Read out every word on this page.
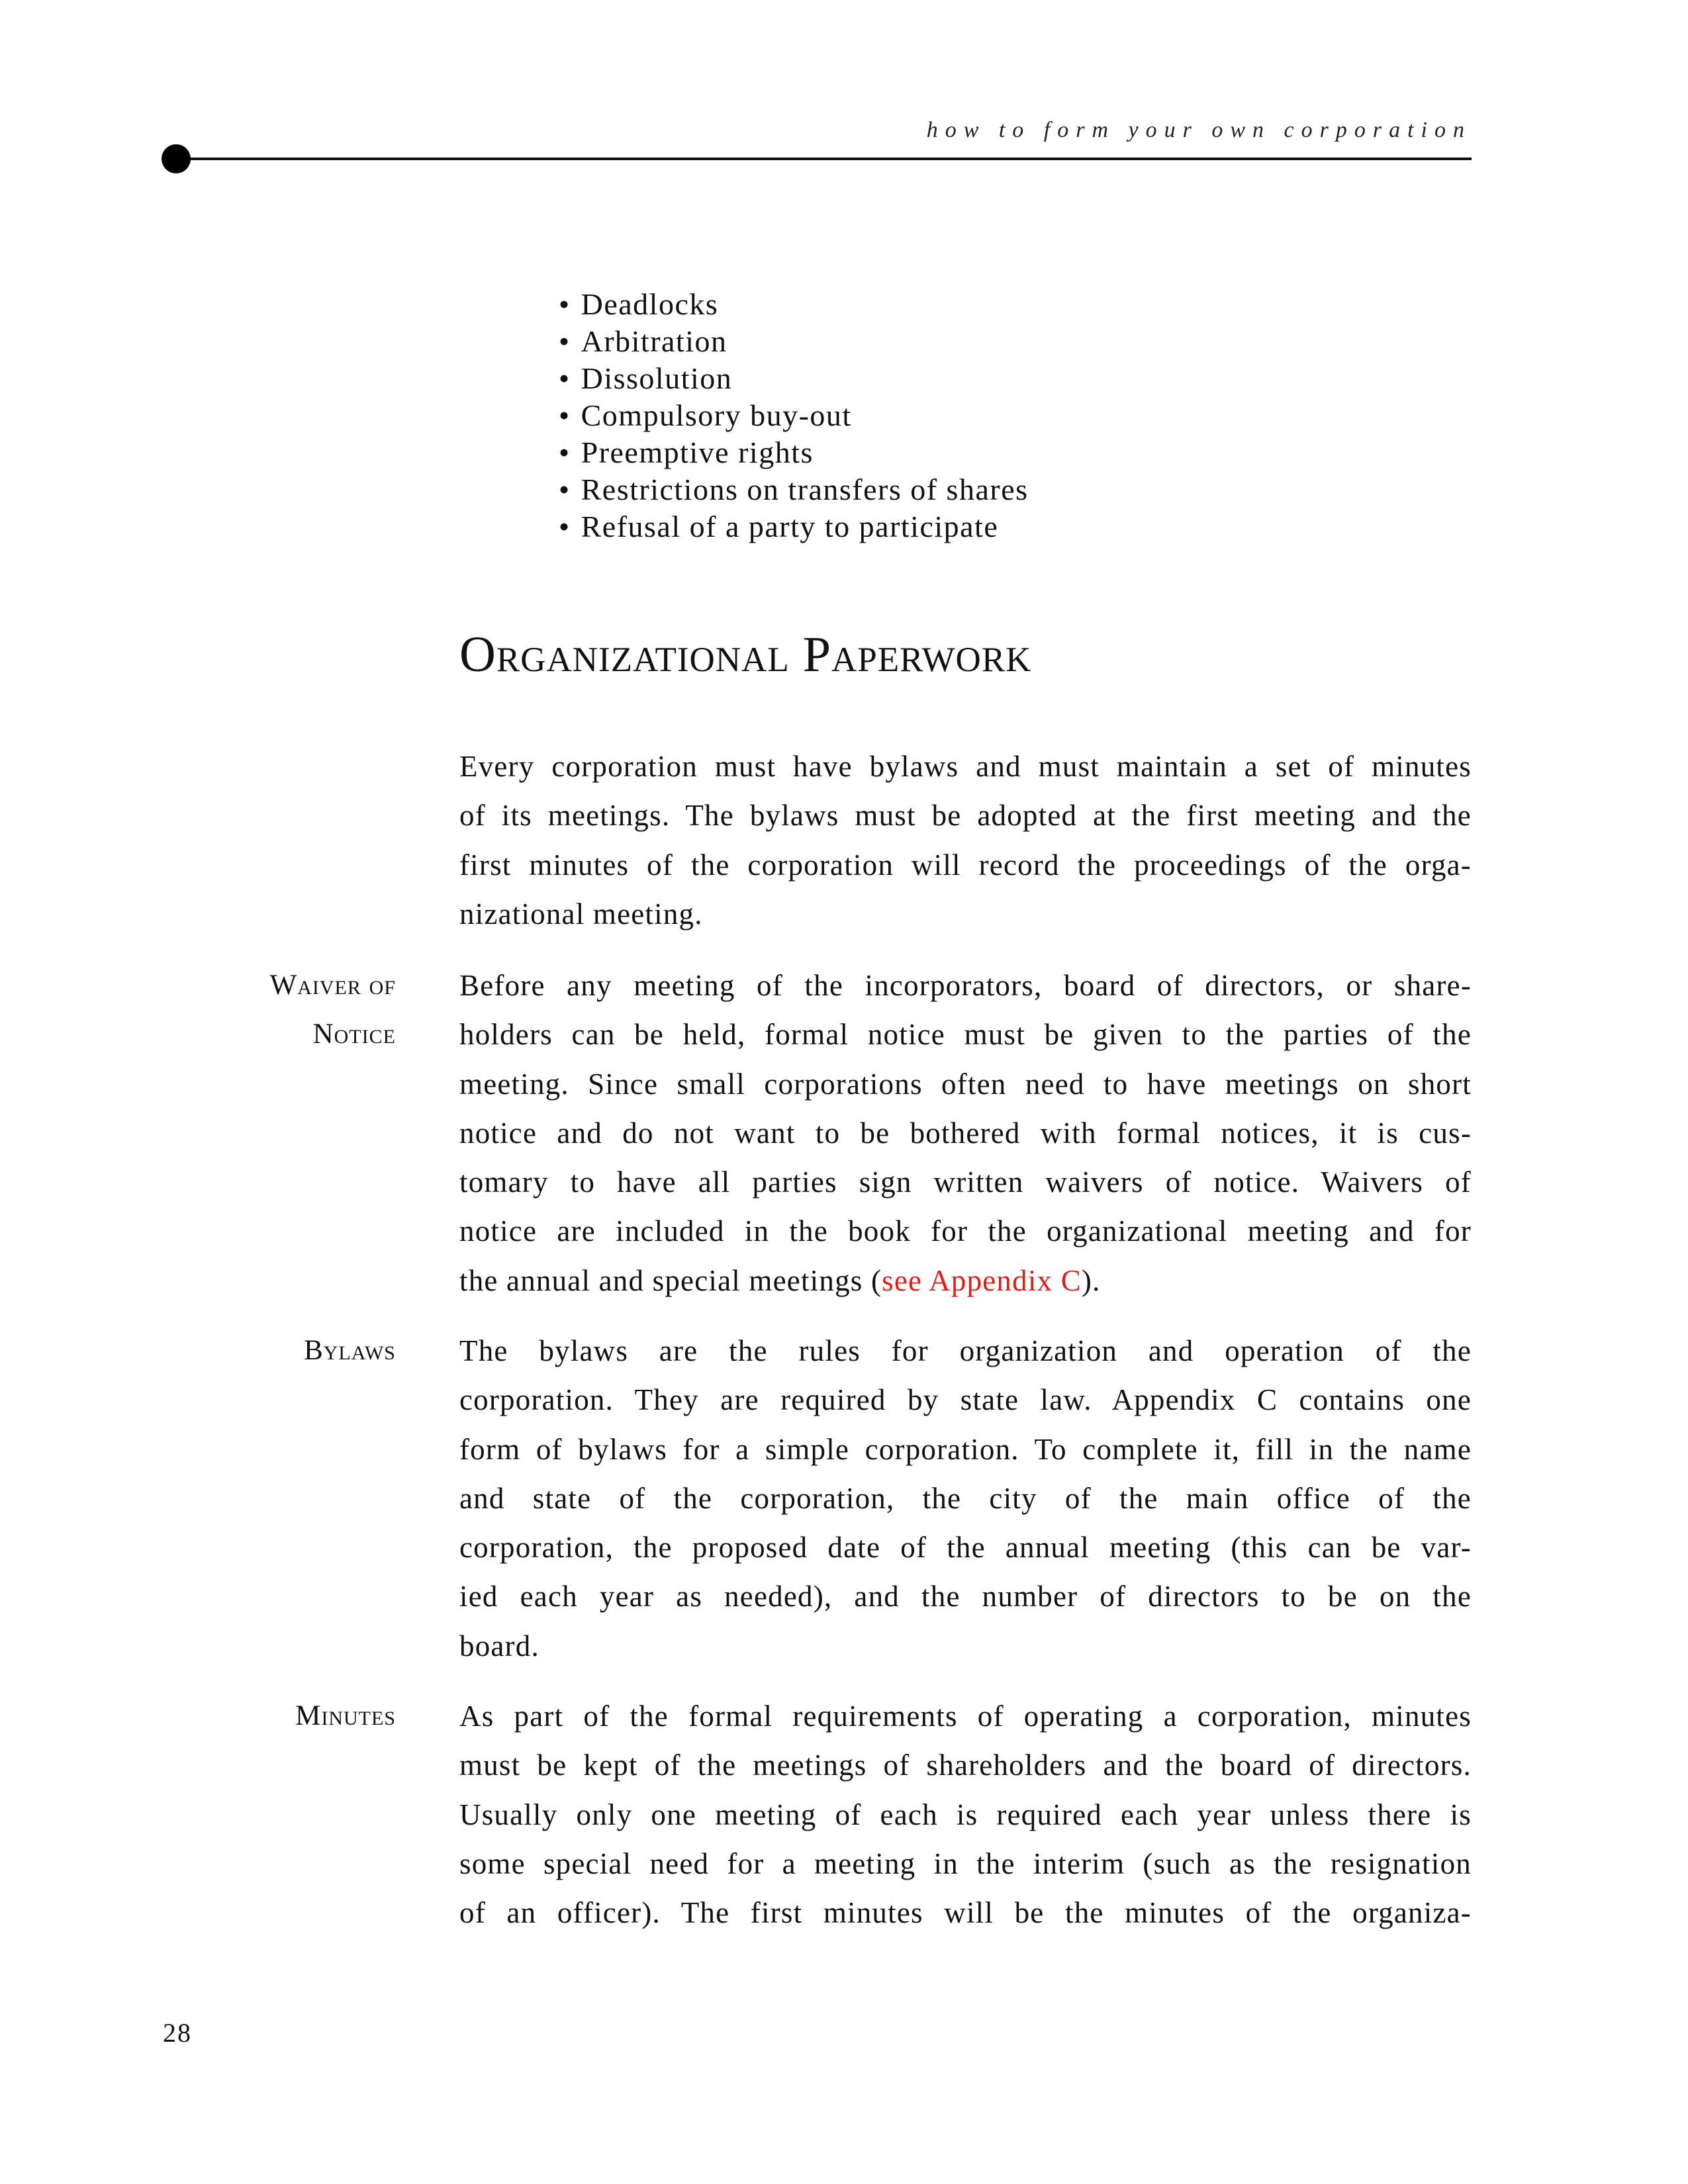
how to form your own corporation
• Deadlocks
• Arbitration
• Dissolution
• Compulsory buy-out
• Preemptive rights
• Restrictions on transfers of shares
• Refusal of a party to participate
Organizational Paperwork
Every corporation must have bylaws and must maintain a set of minutes
of its meetings. The bylaws must be adopted at the first meeting and the
first minutes of the corporation will record the proceedings of the orga-
nizational meeting.
Waiver of
Notice
Before any meeting of the incorporators, board of directors, or share-
holders can be held, formal notice must be given to the parties of the
meeting. Since small corporations often need to have meetings on short
notice and do not want to be bothered with formal notices, it is cus-
tomary to have all parties sign written waivers of notice. Waivers of
notice are included in the book for the organizational meeting and for
the annual and special meetings (see Appendix C).
Bylaws The bylaws are the rules for organization and operation of the
corporation. They are required by state law. Appendix C contains one
form of bylaws for a simple corporation. To complete it, fill in the name
and state of the corporation, the city of the main office of the
corporation, the proposed date of the annual meeting (this can be var-
ied each year as needed), and the number of directors to be on the
board.
Minutes As part of the formal requirements of operating a corporation, minutes
must be kept of the meetings of shareholders and the board of directors.
Usually only one meeting of each is required each year unless there is
some special need for a meeting in the interim (such as the resignation
of an officer). The first minutes will be the minutes of the organiza-
28
